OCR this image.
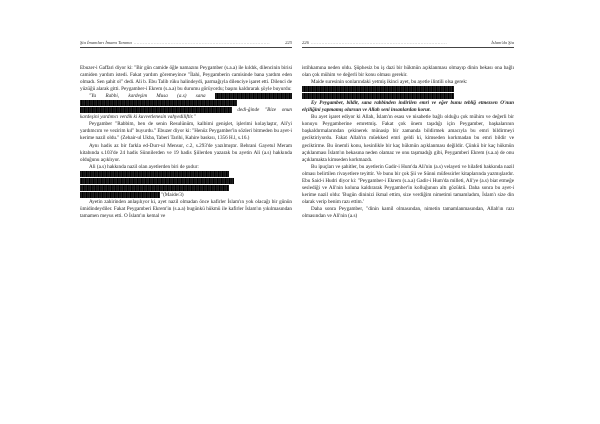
Şia İmamları İmamı Tanıma ........................................................................................	225

Ebuzer-i Gaffari diyor ki: "Bir gün camide öğle namazını Peygamber (s.a.a) ile kıldık, dilencinin birisi camiden yardım istedi. Fakat yardım göremeyince "İlahi, Peygamberin camisinde bana yardım eden olmadı. Sen şahit ol" dedi. Ali b. Ebu Talib rüku halindeydi, parmağıyla dilenciye işaret etti. Dilenci de yüzüğü alarak gitti. Peygamber-i Ekrem (s.a.a) bu durumu görüyordu; başını kaldırarak şöyle buyurdu:

"Ya Rabbi, kardeşim Musa (a.s) sana dedi-ğinde "Bize onun kardeşini yardımcı verdik ki kuvvetlenesin vahyediliftir."

Peygamber "Rabbim, ben de senin Resulünüm, kalbimi genişlet, işlerimi kolaylaştır, Ali'yi yardımcım ve vezirim kıl" buyurdu." Ebuzer diyor ki: "Henüz Peygamber'in sözleri bitmeden bu ayet-i kerime nazil oldu." (Zehair-ul Ukba, Taberi Tarihi, Kahire baskısı, 1356 H.l, s.16.)

Aynı hadis az bir farkla ed-Durr-ul Mensur, c.2, s.293'de yazılmıştır. Behrani Gayetul Meram kitabında s.103'de 24 hadis Sünnilerden ve 19 hadis Şiilerden yazarak bu ayetin Ali (a.s) hakkında olduğunu açıklıyor.

Ali (a.s) hakkında nazil olan ayetlerden biri de şudur:

"(Maide/3)

Ayetin zahirinden anlaşılıyor ki, ayet nazil olmadan önce kafirler İslam'ın yok olacağı bir günün ümidindeydiler. Fakat Peygamberi Ekrem'in (s.a.a) bugünkü hükmü ile kafirler İslam'ın yıkılmasından tamamen meyus etti. O İslam'ın kemal ve

226 ........................................................................................	İslam'da Şia

istihkamına neden oldu. Şüphesiz bu iş dazi bir hükmün açıklanması olmayıp dinin bekası ona bağlı olan çok mühim ve değerli bir konu olması gerekir.

Maide suresinin sonlarındaki yetmiş ikinci ayet, bu ayetle ilintili olsa gerek:

Ey Peygamber, bildir, sana rabbinden indirilen emri ve eğer bunu tebliğ etmezsen O'nun elçiliğini yapmamış olursun ve Allah seni insanlardan korur.

Bu ayet işaret ediyor ki Allah, İslam'ın esası ve nisabetle bağlı olduğu çok mühim ve değerli bir konuyu Peygamberine emretmiş. Fakat çok önem taşıdığı için Peygamber, başkalarının başkaldırmalarından çekinerek münasip bir zamanda bildirmek amacıyla bu emri bildirmeyi geciktiriyordu. Fakat Allah'ın müekked emri geldi ki, kimseden korkmadan bu emri bildir ve geciktirme. Bu önemli konu, kesinlikle bir kaç hükmün açıklanması değildir. Çünkü bir kaç hükmün açıklanması İslam'ın bekasına neden olamaz ve onu taşımadığı gibi, Peygamberi Ekrem (s.a.a) de onu açıklamakta kimseden korkmazdı.

Bu ipuçları ve şahitler, bu ayetlerin Gadir-i Hum'da Ali'nin (a.s) velayeti ve hilafeti hakkında nazil olması belirtilen rivayetlere teyittir. Ve bunu bir çok Şii ve Sünni müfessirler kitaplarında yazmışlardır. Ebu Said-i Hudri diyor ki: "Peygamber-i Ekrem (s.a.a) Gadir-i Hum'da milleti, Ali'ye (a.s) biat etmeğe seslediği ve Ali'nin koluna kaldırarak Peygamber'in kolluğunun altı gözüktü. Daha sonra bu ayet-i kerime nazil oldu: 'Bugün dininizi ikmal ettim, size verdiğim nimetimi tamamladım, İslam'ı size din olarak verip benim razı ettim.'

Daha sonra Peygamber, "dinin kamil olmasından, nimetin tamamlanmasından, Allah'ın razı olmasından ve Ali'nin (a.s)
